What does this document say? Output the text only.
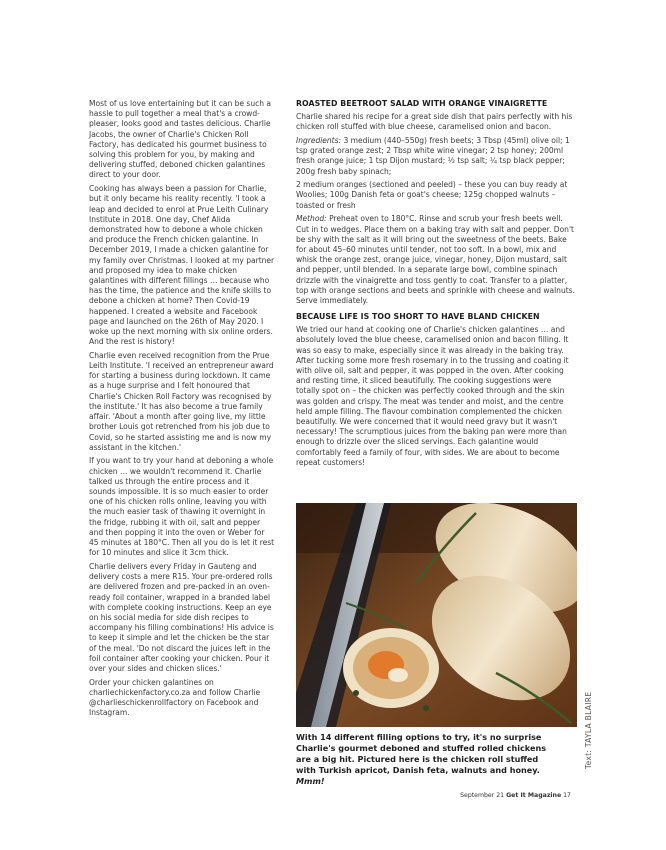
Most of us love entertaining but it can be such a hassle to pull together a meal that's a crowd-pleaser, looks good and tastes delicious. Charlie Jacobs, the owner of Charlie's Chicken Roll Factory, has dedicated his gourmet business to solving this problem for you, by making and delivering stuffed, deboned chicken galantines direct to your door.

Cooking has always been a passion for Charlie, but it only became his reality recently. 'I took a leap and decided to enrol at Prue Leith Culinary Institute in 2018. One day, Chef Alida demonstrated how to debone a whole chicken and produce the French chicken galantine. In December 2019, I made a chicken galantine for my family over Christmas. I looked at my partner and proposed my idea to make chicken galantines with different fillings … because who has the time, the patience and the knife skills to debone a chicken at home? Then Covid-19 happened. I created a website and Facebook page and launched on the 26th of May 2020. I woke up the next morning with six online orders. And the rest is history!

Charlie even received recognition from the Prue Leith Institute. 'I received an entrepreneur award for starting a business during lockdown. It came as a huge surprise and I felt honoured that Charlie's Chicken Roll Factory was recognised by the institute.' It has also become a true family affair. 'About a month after going live, my little brother Louis got retrenched from his job due to Covid, so he started assisting me and is now my assistant in the kitchen.'

If you want to try your hand at deboning a whole chicken … we wouldn't recommend it. Charlie talked us through the entire process and it sounds impossible. It is so much easier to order one of his chicken rolls online, leaving you with the much easier task of thawing it overnight in the fridge, rubbing it with oil, salt and pepper and then popping it into the oven or Weber for 45 minutes at 180°C. Then all you do is let it rest for 10 minutes and slice it 3cm thick.

Charlie delivers every Friday in Gauteng and delivery costs a mere R15. Your pre-ordered rolls are delivered frozen and pre-packed in an oven-ready foil container, wrapped in a branded label with complete cooking instructions. Keep an eye on his social media for side dish recipes to accompany his filling combinations! His advice is to keep it simple and let the chicken be the star of the meal. 'Do not discard the juices left in the foil container after cooking your chicken. Pour it over your sides and chicken slices.'

Order your chicken galantines on charliechickenfactory.co.za and follow Charlie @charlieschickenrollfactory on Facebook and Instagram.

ROASTED BEETROOT SALAD WITH ORANGE VINAIGRETTE

Charlie shared his recipe for a great side dish that pairs perfectly with his chicken roll stuffed with blue cheese, caramelised onion and bacon.

Ingredients: 3 medium (440–550g) fresh beets; 3 Tbsp (45ml) olive oil; 1 tsp grated orange zest; 2 Tbsp white wine vinegar; 2 tsp honey; 200ml fresh orange juice; 1 tsp Dijon mustard; ½ tsp salt; ¼ tsp black pepper; 200g fresh baby spinach;

2 medium oranges (sectioned and peeled) – these you can buy ready at Woolies; 100g Danish feta or goat's cheese; 125g chopped walnuts – toasted or fresh

Method: Preheat oven to 180°C. Rinse and scrub your fresh beets well. Cut in to wedges. Place them on a baking tray with salt and pepper. Don't be shy with the salt as it will bring out the sweetness of the beets. Bake for about 45–60 minutes until tender, not too soft. In a bowl, mix and whisk the orange zest, orange juice, vinegar, honey, Dijon mustard, salt and pepper, until blended. In a separate large bowl, combine spinach drizzle with the vinaigrette and toss gently to coat. Transfer to a platter, top with orange sections and beets and sprinkle with cheese and walnuts. Serve immediately.

BECAUSE LIFE IS TOO SHORT TO HAVE BLAND CHICKEN

We tried our hand at cooking one of Charlie's chicken galantines … and absolutely loved the blue cheese, caramelised onion and bacon filling. It was so easy to make, especially since it was already in the baking tray. After tucking some more fresh rosemary in to the trussing and coating it with olive oil, salt and pepper, it was popped in the oven. After cooking and resting time, it sliced beautifully. The cooking suggestions were totally spot on – the chicken was perfectly cooked through and the skin was golden and crispy. The meat was tender and moist, and the centre held ample filling. The flavour combination complemented the chicken beautifully. We were concerned that it would need gravy but it wasn't necessary! The scrumptious juices from the baking pan were more than enough to drizzle over the sliced servings. Each galantine would comfortably feed a family of four, with sides. We are about to become repeat customers!

With 14 different filling options to try, it's no surprise Charlie's gourmet deboned and stuffed rolled chickens are a big hit. Pictured here is the chicken roll stuffed with Turkish apricot, Danish feta, walnuts and honey. Mmm!
Text: TAYLA BLAIRE
September 21 Get It Magazine 17
